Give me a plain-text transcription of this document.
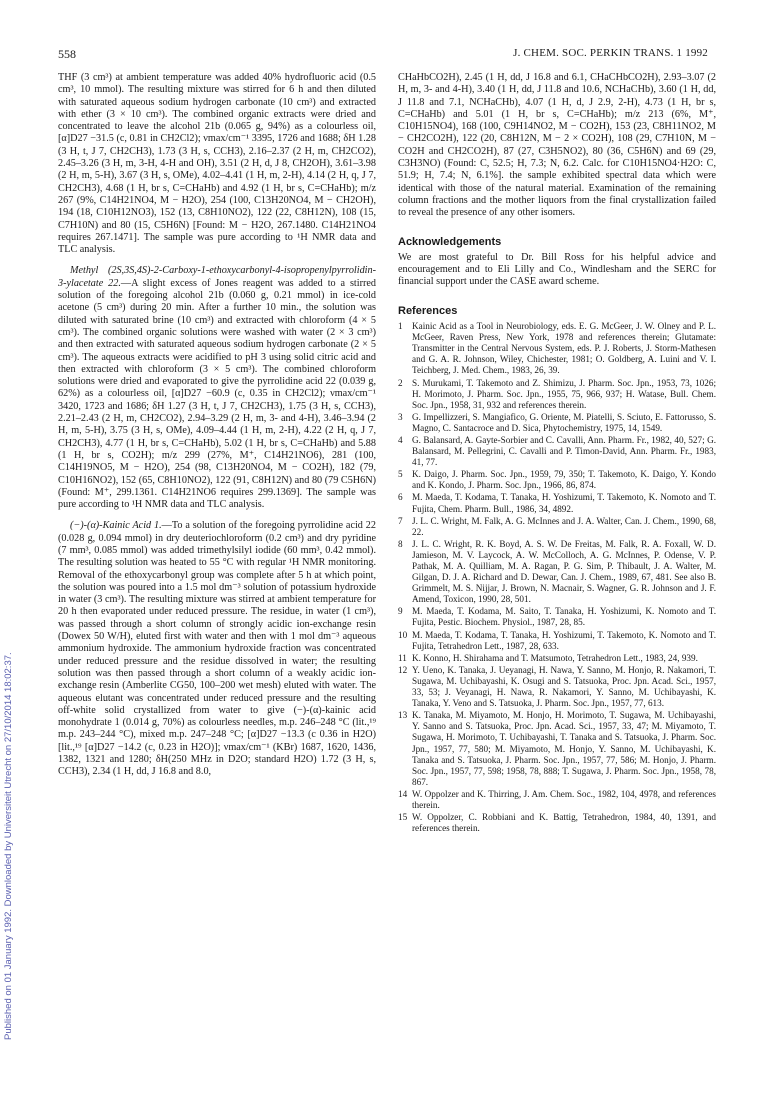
558	J. CHEM. SOC. PERKIN TRANS. 1 1992
Published on 01 January 1992. Downloaded by Universiteit Utrecht on 27/10/2014 18:02:37.

THF (3 cm³) at ambient temperature was added 40% hydrofluoric acid (0.5 cm³, 10 mmol). The resulting mixture was stirred for 6 h and then diluted with saturated aqueous sodium hydrogen carbonate (10 cm³) and extracted with ether (3 × 10 cm³). The combined organic extracts were dried and concentrated to leave the alcohol 21b (0.065 g, 94%) as a colourless oil, [α]D27 −31.5 (c, 0.81 in CH2Cl2); νmax/cm⁻¹ 3395, 1726 and 1688; δH 1.28 (3 H, t, J 7, CH2CH3), 1.73 (3 H, s, CCH3), 2.16–2.37 (2 H, m, CH2CO2), 2.45–3.26 (3 H, m, 3-H, 4-H and OH), 3.51 (2 H, d, J 8, CH2OH), 3.61–3.98 (2 H, m, 5-H), 3.67 (3 H, s, OMe), 4.02–4.41 (1 H, m, 2-H), 4.14 (2 H, q, J 7, CH2CH3), 4.68 (1 H, br s, C=CHaHb) and 4.92 (1 H, br s, C=CHaHb); m/z 267 (9%, C14H21NO4, M − H2O), 254 (100, C13H20NO4, M − CH2OH), 194 (18, C10H12NO3), 152 (13, C8H10NO2), 122 (22, C8H12N), 108 (15, C7H10N) and 80 (15, C5H6N) [Found: M − H2O, 267.1480. C14H21NO4 requires 267.1471]. The sample was pure according to ¹H NMR data and TLC analysis.

Methyl (2S,3S,4S)-2-Carboxy-1-ethoxycarbonyl-4-isopropenylpyrrolidin-3-ylacetate 22.—A slight excess of Jones reagent was added to a stirred solution of the foregoing alcohol 21b (0.060 g, 0.21 mmol) in ice-cold acetone (5 cm³) during 20 min. After a further 10 min., the solution was diluted with saturated brine (10 cm³) and extracted with chloroform (4 × 5 cm³). The combined organic solutions were washed with water (2 × 3 cm³) and then extracted with saturated aqueous sodium hydrogen carbonate (2 × 5 cm³). The aqueous extracts were acidified to pH 3 using solid citric acid and then extracted with chloroform (3 × 5 cm³). The combined chloroform solutions were dried and evaporated to give the pyrrolidine acid 22 (0.039 g, 62%) as a colourless oil, [α]D27 −60.9 (c, 0.35 in CH2Cl2); νmax/cm⁻¹ 3420, 1723 and 1686; δH 1.27 (3 H, t, J 7, CH2CH3), 1.75 (3 H, s, CCH3), 2.21–2.43 (2 H, m, CH2CO2), 2.94–3.29 (2 H, m, 3- and 4-H), 3.46–3.94 (2 H, m, 5-H), 3.75 (3 H, s, OMe), 4.09–4.44 (1 H, m, 2-H), 4.22 (2 H, q, J 7, CH2CH3), 4.77 (1 H, br s, C=CHaHb), 5.02 (1 H, br s, C=CHaHb) and 5.88 (1 H, br s, CO2H); m/z 299 (27%, M⁺, C14H21NO6), 281 (100, C14H19NO5, M − H2O), 254 (98, C13H20NO4, M − CO2H), 182 (79, C10H16NO2), 152 (65, C8H10NO2), 122 (91, C8H12N) and 80 (79 C5H6N) (Found: M⁺, 299.1361. C14H21NO6 requires 299.1369]. The sample was pure according to ¹H NMR data and TLC analysis.

(−)-(α)-Kainic Acid 1.—To a solution of the foregoing pyrrolidine acid 22 (0.028 g, 0.094 mmol) in dry deuteriochloroform (0.2 cm³) and dry pyridine (7 mm³, 0.085 mmol) was added trimethylsilyl iodide (60 mm³, 0.42 mmol). The resulting solution was heated to 55 °C with regular ¹H NMR monitoring. Removal of the ethoxycarbonyl group was complete after 5 h at which point, the solution was poured into a 1.5 mol dm⁻³ solution of potassium hydroxide in water (3 cm³). The resulting mixture was stirred at ambient temperature for 20 h then evaporated under reduced pressure. The residue, in water (1 cm³), was passed through a short column of strongly acidic ion-exchange resin (Dowex 50 W/H), eluted first with water and then with 1 mol dm⁻³ aqueous ammonium hydroxide. The ammonium hydroxide fraction was concentrated under reduced pressure and the residue dissolved in water; the resulting solution was then passed through a short column of a weakly acidic ion-exchange resin (Amberlite CG50, 100–200 wet mesh) eluted with water. The aqueous elutant was concentrated under reduced pressure and the resulting off-white solid crystallized from water to give (−)-(α)-kainic acid monohydrate 1 (0.014 g, 70%) as colourless needles, m.p. 246–248 °C (lit.,¹⁹ m.p. 243–244 °C), mixed m.p. 247–248 °C; [α]D27 −13.3 (c 0.36 in H2O) [lit.,¹⁹ [α]D27 −14.2 (c, 0.23 in H2O)]; νmax/cm⁻¹ (KBr) 1687, 1620, 1436, 1382, 1321 and 1280; δH(250 MHz in D2O; standard H2O) 1.72 (3 H, s, CCH3), 2.34 (1 H, dd, J 16.8 and 8.0,

CHaHbCO2H), 2.45 (1 H, dd, J 16.8 and 6.1, CHaCHbCO2H), 2.93–3.07 (2 H, m, 3- and 4-H), 3.40 (1 H, dd, J 11.8 and 10.6, NCHaCHb), 3.60 (1 H, dd, J 11.8 and 7.1, NCHaCHb), 4.07 (1 H, d, J 2.9, 2-H), 4.73 (1 H, br s, C=CHaHb) and 5.01 (1 H, br s, C=CHaHb); m/z 213 (6%, M⁺, C10H15NO4), 168 (100, C9H14NO2, M − CO2H), 153 (23, C8H11NO2, M − CH2CO2H), 122 (20, C8H12N, M − 2 × CO2H), 108 (29, C7H10N, M − CO2H and CH2CO2H), 87 (27, C3H5NO2), 80 (36, C5H6N) and 69 (29, C3H3NO) (Found: C, 52.5; H, 7.3; N, 6.2. Calc. for C10H15NO4·H2O: C, 51.9; H, 7.4; N, 6.1%]. the sample exhibited spectral data which were identical with those of the natural material. Examination of the remaining column fractions and the mother liquors from the final crystallization failed to reveal the presence of any other isomers.

Acknowledgements

We are most grateful to Dr. Bill Ross for his helpful advice and encouragement and to Eli Lilly and Co., Windlesham and the SERC for financial support under the CASE award scheme.

References
1 Kainic Acid as a Tool in Neurobiology, eds. E. G. McGeer, J. W. Olney and P. L. McGeer, Raven Press, New York, 1978 and references therein; Glutamate: Transmitter in the Central Nervous System, eds. P. J. Roberts, J. Storm-Mathesen and G. A. R. Johnson, Wiley, Chichester, 1981; O. Goldberg, A. Luini and V. I. Teichberg, J. Med. Chem., 1983, 26, 39.
2 S. Murukami, T. Takemoto and Z. Shimizu, J. Pharm. Soc. Jpn., 1953, 73, 1026; H. Morimoto, J. Pharm. Soc. Jpn., 1955, 75, 966, 937; H. Watase, Bull. Chem. Soc. Jpn., 1958, 31, 932 and references therein.
3 G. Impellizzeri, S. Mangiafico, G. Oriente, M. Piatelli, S. Sciuto, E. Fattorusso, S. Magno, C. Santacroce and D. Sica, Phytochemistry, 1975, 14, 1549.
4 G. Balansard, A. Gayte-Sorbier and C. Cavalli, Ann. Pharm. Fr., 1982, 40, 527; G. Balansard, M. Pellegrini, C. Cavalli and P. Timon-David, Ann. Pharm. Fr., 1983, 41, 77.
5 K. Daigo, J. Pharm. Soc. Jpn., 1959, 79, 350; T. Takemoto, K. Daigo, Y. Kondo and K. Kondo, J. Pharm. Soc. Jpn., 1966, 86, 874.
6 M. Maeda, T. Kodama, T. Tanaka, H. Yoshizumi, T. Takemoto, K. Nomoto and T. Fujita, Chem. Pharm. Bull., 1986, 34, 4892.
7 J. L. C. Wright, M. Falk, A. G. McInnes and J. A. Walter, Can. J. Chem., 1990, 68, 22.
8 J. L. C. Wright, R. K. Boyd, A. S. W. De Freitas, M. Falk, R. A. Foxall, W. D. Jamieson, M. V. Laycock, A. W. McColloch, A. G. McInnes, P. Odense, V. P. Pathak, M. A. Quilliam, M. A. Ragan, P. G. Sim, P. Thibault, J. A. Walter, M. Gilgan, D. J. A. Richard and D. Dewar, Can. J. Chem., 1989, 67, 481. See also B. Grimmelt, M. S. Nijjar, J. Brown, N. Macnair, S. Wagner, G. R. Johnson and J. F. Amend, Toxicon, 1990, 28, 501.
9 M. Maeda, T. Kodama, M. Saito, T. Tanaka, H. Yoshizumi, K. Nomoto and T. Fujita, Pestic. Biochem. Physiol., 1987, 28, 85.
10 M. Maeda, T. Kodama, T. Tanaka, H. Yoshizumi, T. Takemoto, K. Nomoto and T. Fujita, Tetrahedron Lett., 1987, 28, 633.
11 K. Konno, H. Shirahama and T. Matsumoto, Tetrahedron Lett., 1983, 24, 939.
12 Y. Ueno, K. Tanaka, J. Ueyanagi, H. Nawa, Y. Sanno, M. Honjo, R. Nakamori, T. Sugawa, M. Uchibayashi, K. Osugi and S. Tatsuoka, Proc. Jpn. Acad. Sci., 1957, 33, 53; J. Veyanagi, H. Nawa, R. Nakamori, Y. Sanno, M. Uchibayashi, K. Tanaka, Y. Veno and S. Tatsuoka, J. Pharm. Soc. Jpn., 1957, 77, 613.
13 K. Tanaka, M. Miyamoto, M. Honjo, H. Morimoto, T. Sugawa, M. Uchibayashi, Y. Sanno and S. Tatsuoka, Proc. Jpn. Acad. Sci., 1957, 33, 47; M. Miyamoto, T. Sugawa, H. Morimoto, T. Uchibayashi, T. Tanaka and S. Tatsuoka, J. Pharm. Soc. Jpn., 1957, 77, 580; M. Miyamoto, M. Honjo, Y. Sanno, M. Uchibayashi, K. Tanaka and S. Tatsuoka, J. Pharm. Soc. Jpn., 1957, 77, 586; M. Honjo, J. Pharm. Soc. Jpn., 1957, 77, 598; 1958, 78, 888; T. Sugawa, J. Pharm. Soc. Jpn., 1958, 78, 867.
14 W. Oppolzer and K. Thirring, J. Am. Chem. Soc., 1982, 104, 4978, and references therein.
15 W. Oppolzer, C. Robbiani and K. Battig, Tetrahedron, 1984, 40, 1391, and references therein.
